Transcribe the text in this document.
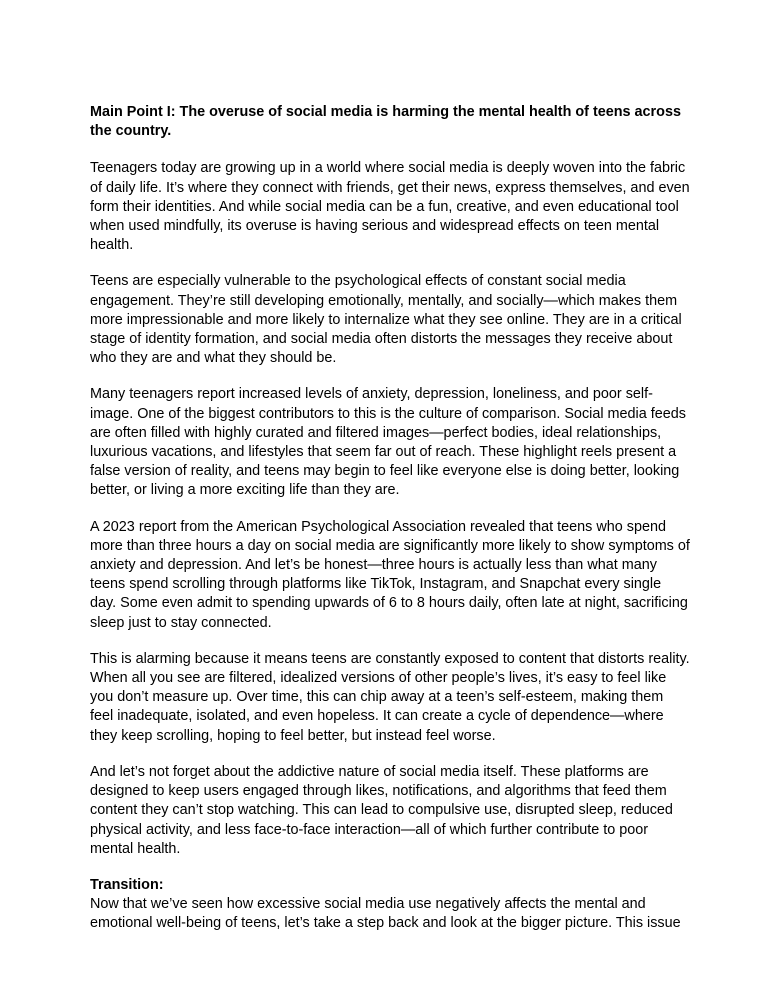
Main Point I: The overuse of social media is harming the mental health of teens across the country.

Teenagers today are growing up in a world where social media is deeply woven into the fabric of daily life. It’s where they connect with friends, get their news, express themselves, and even form their identities. And while social media can be a fun, creative, and even educational tool when used mindfully, its overuse is having serious and widespread effects on teen mental health.

Teens are especially vulnerable to the psychological effects of constant social media engagement. They’re still developing emotionally, mentally, and socially—which makes them more impressionable and more likely to internalize what they see online. They are in a critical stage of identity formation, and social media often distorts the messages they receive about who they are and what they should be.

Many teenagers report increased levels of anxiety, depression, loneliness, and poor self-image. One of the biggest contributors to this is the culture of comparison. Social media feeds are often filled with highly curated and filtered images—perfect bodies, ideal relationships, luxurious vacations, and lifestyles that seem far out of reach. These highlight reels present a false version of reality, and teens may begin to feel like everyone else is doing better, looking better, or living a more exciting life than they are.

A 2023 report from the American Psychological Association revealed that teens who spend more than three hours a day on social media are significantly more likely to show symptoms of anxiety and depression. And let’s be honest—three hours is actually less than what many teens spend scrolling through platforms like TikTok, Instagram, and Snapchat every single day. Some even admit to spending upwards of 6 to 8 hours daily, often late at night, sacrificing sleep just to stay connected.

This is alarming because it means teens are constantly exposed to content that distorts reality. When all you see are filtered, idealized versions of other people’s lives, it’s easy to feel like you don’t measure up. Over time, this can chip away at a teen’s self-esteem, making them feel inadequate, isolated, and even hopeless. It can create a cycle of dependence—where they keep scrolling, hoping to feel better, but instead feel worse.

And let’s not forget about the addictive nature of social media itself. These platforms are designed to keep users engaged through likes, notifications, and algorithms that feed them content they can’t stop watching. This can lead to compulsive use, disrupted sleep, reduced physical activity, and less face-to-face interaction—all of which further contribute to poor mental health.

Transition:

Now that we’ve seen how excessive social media use negatively affects the mental and emotional well-being of teens, let’s take a step back and look at the bigger picture. This issue
